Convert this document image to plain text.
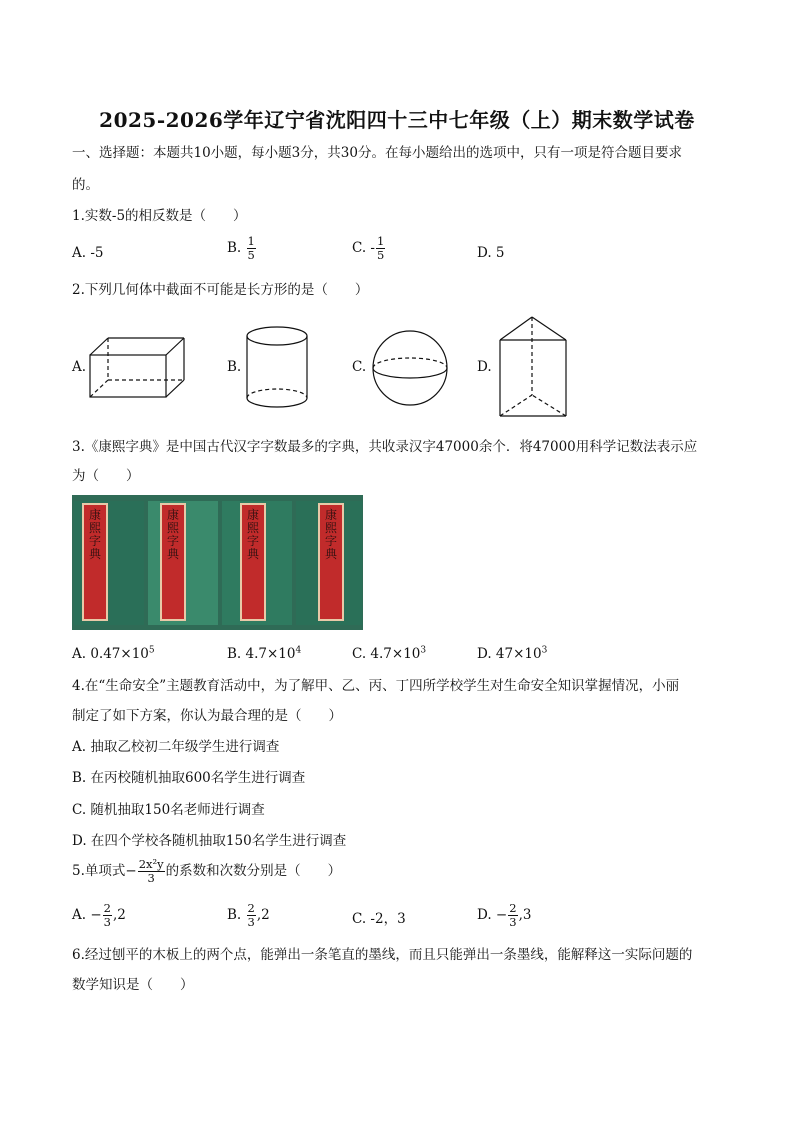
2025-2026学年辽宁省沈阳四十三中七年级（上）期末数学试卷
一、选择题：本题共10小题，每小题3分，共30分。在每小题给出的选项中，只有一项是符合题目要求
的。
1.实数-5的相反数是（　　）
A. -5	B. $\frac{1}{5}$	C. - $\frac{1}{5}$	D. 5
2.下列几何体中截面不可能是长方形的是（　　）
A.	B.	C.	D.
3.《康熙字典》是中国古代汉字字数最多的字典，共收录汉字47000余个．将47000用科学记数法表示应
为（　　）
康
熙
字
典
康
熙
字
典
康
熙
字
典
康
熙
字
典
A. $0.47\times 10^5$	B. $4.7\times 10^4$	C. $4.7\times 10^3$	D. $47\times 10^3$
4.在“生命安全”主题教育活动中，为了解甲、乙、丙、丁四所学校学生对生命安全知识掌握情况，小丽
制定了如下方案，你认为最合理的是（　　）
A. 抽取乙校初二年级学生进行调查
B. 在丙校随机抽取600名学生进行调查
C. 随机抽取150名老师进行调查
D. 在四个学校各随机抽取150名学生进行调查
5.单项式− $\frac{\text{2x²y}}{3}$ 的系数和次数分别是（　　）
A. − $\frac{2}{3} ,2$	B. $\frac{2}{3} ,2$	C. -2，3	D. − $\frac{2}{3} ,3$
6.经过刨平的木板上的两个点，能弹出一条笔直的墨线，而且只能弹出一条墨线，能解释这一实际问题的
数学知识是（　　）
